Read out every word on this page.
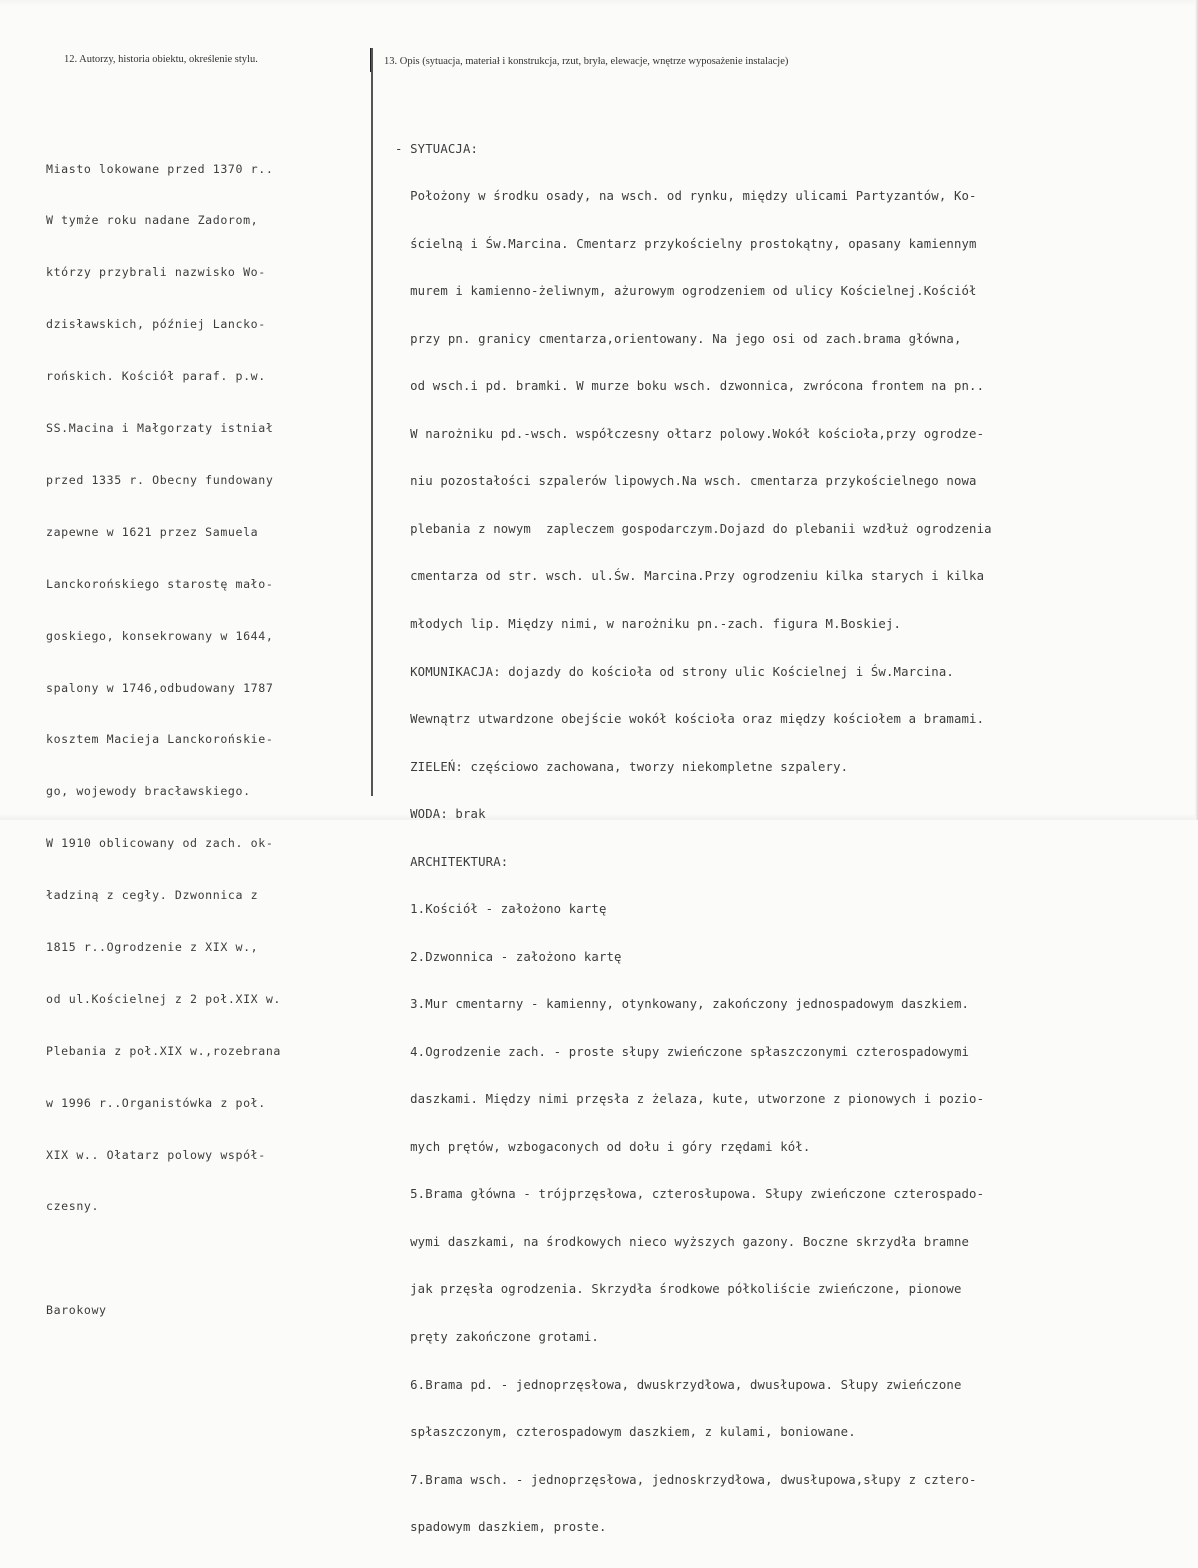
12. Autorzy, historia obiektu, określenie stylu.	13. Opis (sytuacja, materiał i konstrukcja, rzut, bryła, elewacje, wnętrze wyposażenie instalacje)

Miasto lokowane przed 1370 r..

W tymże roku nadane Zadorom,

którzy przybrali nazwisko Wo-

dzisławskich, później Lancko-

rońskich. Kościół paraf. p.w.

SS.Macina i Małgorzaty istniał

przed 1335 r. Obecny fundowany

zapewne w 1621 przez Samuela

Lanckorońskiego starostę mało-

goskiego, konsekrowany w 1644,

spalony w 1746,odbudowany 1787

kosztem Macieja Lanckorońskie-

go, wojewody bracławskiego.

W 1910 oblicowany od zach. ok-

ładziną z cegły. Dzwonnica z

1815 r..Ogrodzenie z XIX w.,

od ul.Kościelnej z 2 poł.XIX w.

Plebania z poł.XIX w.,rozebrana

w 1996 r..Organistówka z poł.

XIX w.. Ołatarz polowy współ-

czesny.

Barokowy

- SYTUACJA:

Położony w środku osady, na wsch. od rynku, między ulicami Partyzantów, Ko-

ścielną i Św.Marcina. Cmentarz przykościelny prostokątny, opasany kamiennym

murem i kamienno-żeliwnym, ażurowym ogrodzeniem od ulicy Kościelnej.Kościół

przy pn. granicy cmentarza,orientowany. Na jego osi od zach.brama główna,

od wsch.i pd. bramki. W murze boku wsch. dzwonnica, zwrócona frontem na pn..

W narożniku pd.-wsch. współczesny ołtarz polowy.Wokół kościoła,przy ogrodze-

niu pozostałości szpalerów lipowych.Na wsch. cmentarza przykościelnego nowa

plebania z nowym  zapleczem gospodarczym.Dojazd do plebanii wzdłuż ogrodzenia

cmentarza od str. wsch. ul.Św. Marcina.Przy ogrodzeniu kilka starych i kilka

młodych lip. Między nimi, w narożniku pn.-zach. figura M.Boskiej.

KOMUNIKACJA: dojazdy do kościoła od strony ulic Kościelnej i Św.Marcina.

Wewnątrz utwardzone obejście wokół kościoła oraz między kościołem a bramami.

ZIELEŃ: częściowo zachowana, tworzy niekompletne szpalery.

WODA: brak

ARCHITEKTURA:

1.Kościół - założono kartę

2.Dzwonnica - założono kartę

3.Mur cmentarny - kamienny, otynkowany, zakończony jednospadowym daszkiem.

4.Ogrodzenie zach. - proste słupy zwieńczone spłaszczonymi czterospadowymi

daszkami. Między nimi przęsła z żelaza, kute, utworzone z pionowych i pozio-

mych prętów, wzbogaconych od dołu i góry rzędami kół.

5.Brama główna - trójprzęsłowa, czterosłupowa. Słupy zwieńczone czterospado-

wymi daszkami, na środkowych nieco wyższych gazony. Boczne skrzydła bramne

jak przęsła ogrodzenia. Skrzydła środkowe półkoliście zwieńczone, pionowe

pręty zakończone grotami.

6.Brama pd. - jednoprzęsłowa, dwuskrzydłowa, dwusłupowa. Słupy zwieńczone

spłaszczonym, czterospadowym daszkiem, z kulami, boniowane.

7.Brama wsch. - jednoprzęsłowa, jednoskrzydłowa, dwusłupowa,słupy z cztero-

spadowym daszkiem, proste.
